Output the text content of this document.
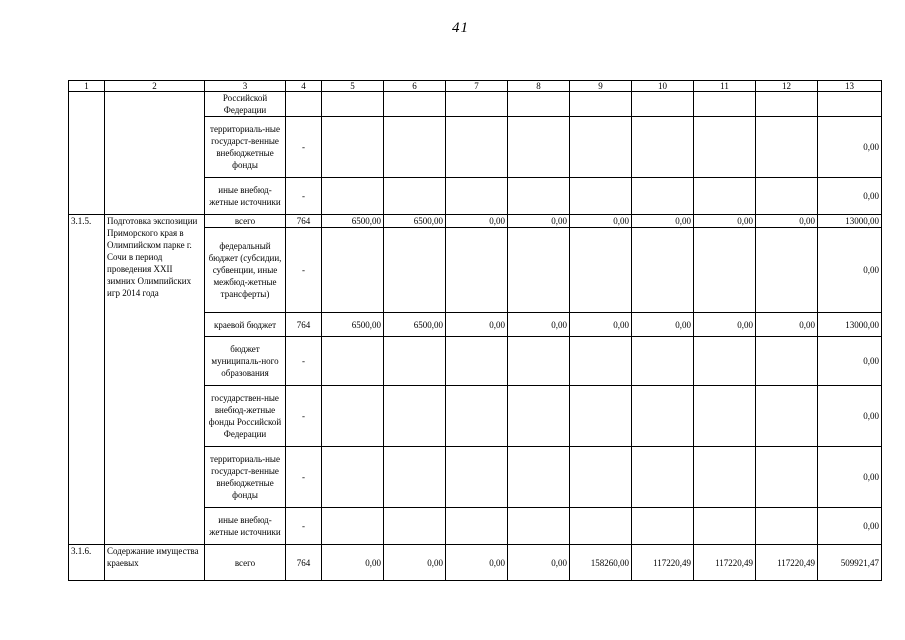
41
1	2	3	4	5	6	7	8	9	10	11	12	13
		Российской Федерации										
		территориаль-ные государст-венные внебюджетные фонды	-									0,00
		иные внебюд-жетные источники	-									0,00
3.1.5.	Подготовка экспозиции Приморского края в Олимпийском парке г. Сочи в период проведения XXII зимних Олимпийских игр 2014 года	всего	764	6500,00	6500,00	0,00	0,00	0,00	0,00	0,00	0,00	13000,00
		федеральный бюджет (субсидии, субвенции, иные межбюд-жетные трансферты)	-									0,00
		краевой бюджет	764	6500,00	6500,00	0,00	0,00	0,00	0,00	0,00	0,00	13000,00
		бюджет муниципаль-ного образования	-									0,00
		государствен-ные внебюд-жетные фонды Российской Федерации	-									0,00
		территориаль-ные государст-венные внебюджетные фонды	-									0,00
		иные внебюд-жетные источники	-									0,00
3.1.6.	Содержание имущества краевых	всего	764	0,00	0,00	0,00	0,00	158260,00	117220,49	117220,49	117220,49	509921,47
